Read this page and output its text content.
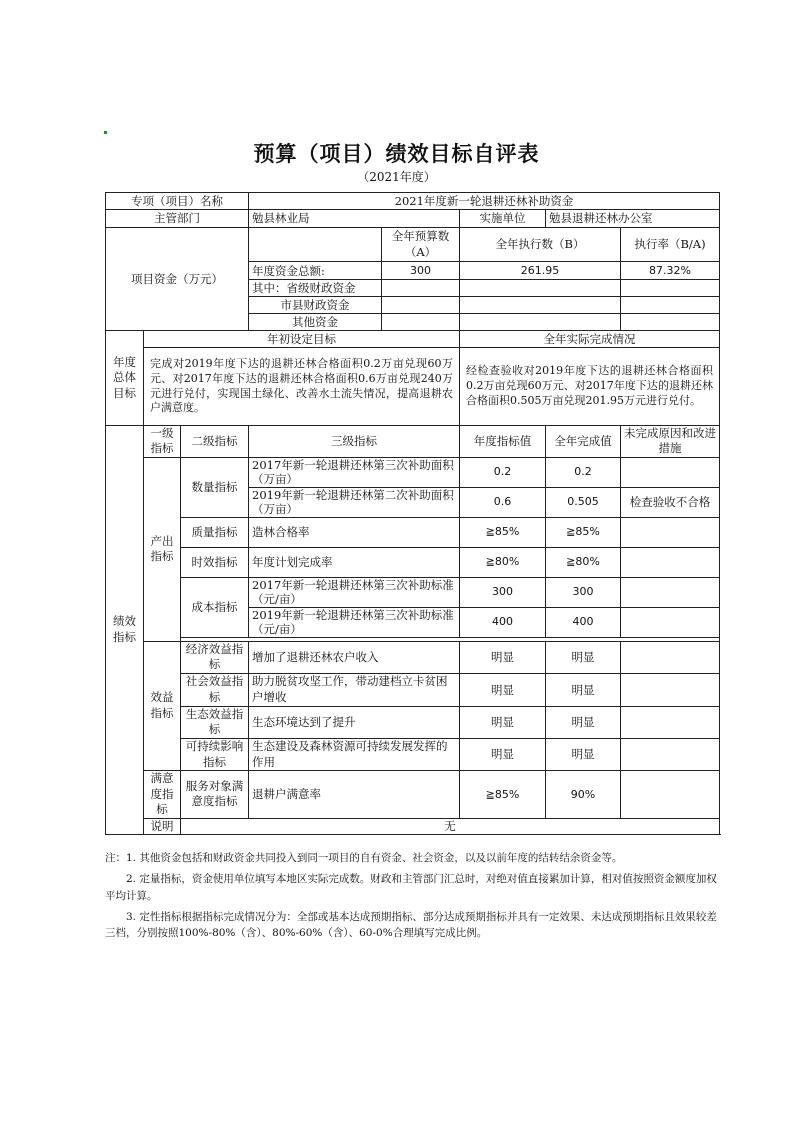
预算（项目）绩效目标自评表
（2021年度）
专项（项目）名称			2021年度新一轮退耕还林补助资金				
主管部门			勉县林业局		实施单位	勉县退耕还林办公室	
项目资金（万元）				全年预算数（A）	全年执行数（B）		执行率（B/A)
			年度资金总额:	300	261.95		87.32%
			其中：省级财政资金				
			市县财政资金				
			其他资金				
年度总体目标	年初设定目标				全年实际完成情况		
	完成对2019年度下达的退耕还林合格面积0.2万亩兑现60万元、对2017年度下达的退耕还林合格面积0.6万亩兑现240万元进行兑付，实现国土绿化、改善水土流失情况，提高退耕农户满意度。				经检查验收对2019年度下达的退耕还林合格面积0.2万亩兑现60万元、对2017年度下达的退耕还林合格面积0.505万亩兑现201.95万元进行兑付。		
绩效指标	一级指标	二级指标	三级指标		年度指标值	全年完成值	未完成原因和改进措施
	产出指标	数量指标	2017年新一轮退耕还林第三次补助面积（万亩）		0.2	0.2	
			2019年新一轮退耕还林第二次补助面积（万亩）		0.6	0.505	检查验收不合格
		质量指标	造林合格率		≧85%	≧85%	
		时效指标	年度计划完成率		≧80%	≧80%	
		成本指标	2017年新一轮退耕还林第三次补助标准（元/亩）		300	300	
			2019年新一轮退耕还林第三次补助标准（元/亩）		400	400	

	效益指标	经济效益指标	增加了退耕还林农户收入		明显	明显	
		社会效益指标	助力脱贫攻坚工作，带动建档立卡贫困户增收		明显	明显	
		生态效益指标	生态环境达到了提升		明显	明显	
		可持续影响指标	生态建设及森林资源可持续发展发挥的作用		明显	明显	
	满意度指标	服务对象满意度指标	退耕户满意率		≧85%	90%	
	说明	无					

注：1. 其他资金包括和财政资金共同投入到同一项目的自有资金、社会资金，以及以前年度的结转结余资金等。

2. 定量指标，资金使用单位填写本地区实际完成数。财政和主管部门汇总时，对绝对值直接累加计算，相对值按照资金额度加权平均计算。

3. 定性指标根据指标完成情况分为：全部或基本达成预期指标、部分达成预期指标并具有一定效果、未达成预期指标且效果较差三档，分别按照100%-80%（含）、80%-60%（含）、60-0%合理填写完成比例。
